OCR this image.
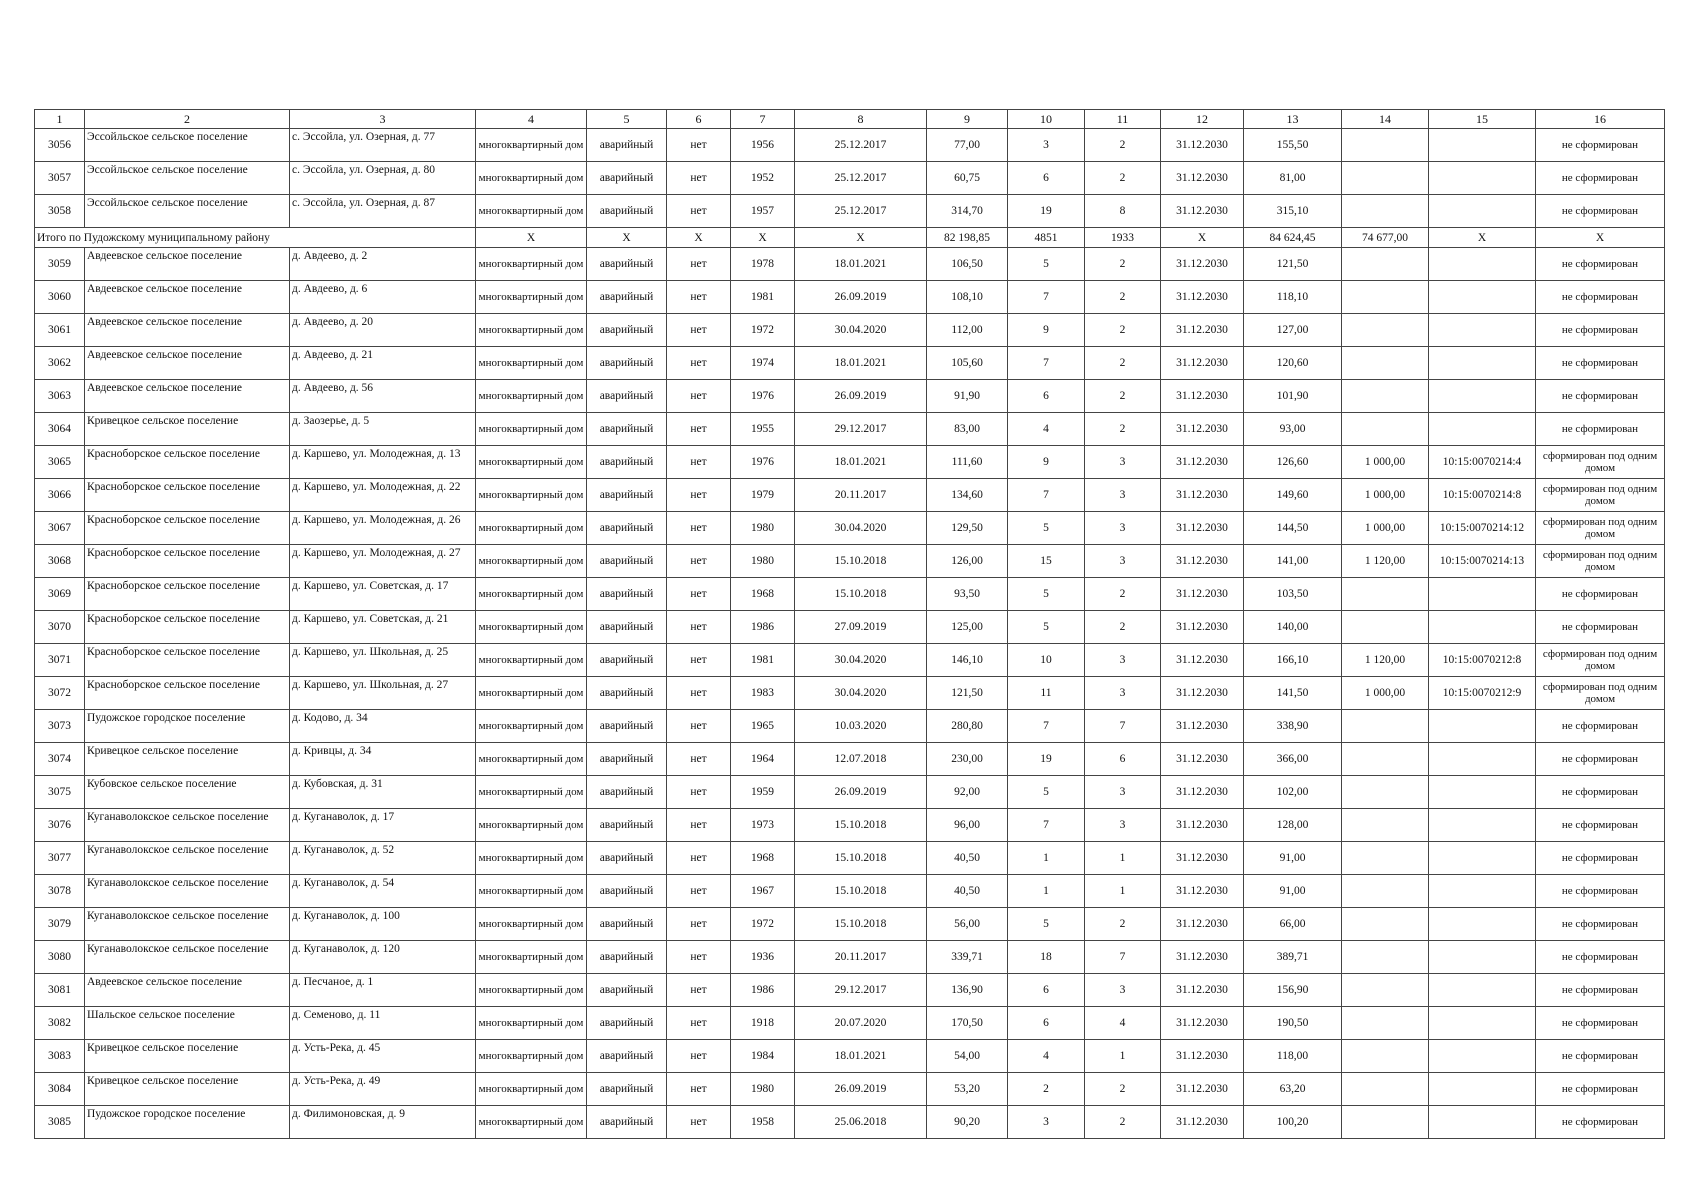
1	2	3	4	5	6	7	8	9	10	11	12	13	14	15	16
3056	Эссойльское сельское поселение	с. Эссойла, ул. Озерная, д. 77	многоквартирный дом	аварийный	нет	1956	25.12.2017	77,00	3	2	31.12.2030	155,50			не сформирован
3057	Эссойльское сельское поселение	с. Эссойла, ул. Озерная, д. 80	многоквартирный дом	аварийный	нет	1952	25.12.2017	60,75	6	2	31.12.2030	81,00			не сформирован
3058	Эссойльское сельское поселение	с. Эссойла, ул. Озерная, д. 87	многоквартирный дом	аварийный	нет	1957	25.12.2017	314,70	19	8	31.12.2030	315,10			не сформирован
Итого по Пудожскому муниципальному району			X	X	X	X	X	82 198,85	4851	1933	X	84 624,45	74 677,00	X	X
3059	Авдеевское сельское поселение	д. Авдеево, д. 2	многоквартирный дом	аварийный	нет	1978	18.01.2021	106,50	5	2	31.12.2030	121,50			не сформирован
3060	Авдеевское сельское поселение	д. Авдеево, д. 6	многоквартирный дом	аварийный	нет	1981	26.09.2019	108,10	7	2	31.12.2030	118,10			не сформирован
3061	Авдеевское сельское поселение	д. Авдеево, д. 20	многоквартирный дом	аварийный	нет	1972	30.04.2020	112,00	9	2	31.12.2030	127,00			не сформирован
3062	Авдеевское сельское поселение	д. Авдеево, д. 21	многоквартирный дом	аварийный	нет	1974	18.01.2021	105,60	7	2	31.12.2030	120,60			не сформирован
3063	Авдеевское сельское поселение	д. Авдеево, д. 56	многоквартирный дом	аварийный	нет	1976	26.09.2019	91,90	6	2	31.12.2030	101,90			не сформирован
3064	Кривецкое сельское поселение	д. Заозерье, д. 5	многоквартирный дом	аварийный	нет	1955	29.12.2017	83,00	4	2	31.12.2030	93,00			не сформирован
3065	Красноборское сельское поселение	д. Каршево, ул. Молодежная, д. 13	многоквартирный дом	аварийный	нет	1976	18.01.2021	111,60	9	3	31.12.2030	126,60	1 000,00	10:15:0070214:4	сформирован под одним домом
3066	Красноборское сельское поселение	д. Каршево, ул. Молодежная, д. 22	многоквартирный дом	аварийный	нет	1979	20.11.2017	134,60	7	3	31.12.2030	149,60	1 000,00	10:15:0070214:8	сформирован под одним домом
3067	Красноборское сельское поселение	д. Каршево, ул. Молодежная, д. 26	многоквартирный дом	аварийный	нет	1980	30.04.2020	129,50	5	3	31.12.2030	144,50	1 000,00	10:15:0070214:12	сформирован под одним домом
3068	Красноборское сельское поселение	д. Каршево, ул. Молодежная, д. 27	многоквартирный дом	аварийный	нет	1980	15.10.2018	126,00	15	3	31.12.2030	141,00	1 120,00	10:15:0070214:13	сформирован под одним домом
3069	Красноборское сельское поселение	д. Каршево, ул. Советская, д. 17	многоквартирный дом	аварийный	нет	1968	15.10.2018	93,50	5	2	31.12.2030	103,50			не сформирован
3070	Красноборское сельское поселение	д. Каршево, ул. Советская, д. 21	многоквартирный дом	аварийный	нет	1986	27.09.2019	125,00	5	2	31.12.2030	140,00			не сформирован
3071	Красноборское сельское поселение	д. Каршево, ул. Школьная, д. 25	многоквартирный дом	аварийный	нет	1981	30.04.2020	146,10	10	3	31.12.2030	166,10	1 120,00	10:15:0070212:8	сформирован под одним домом
3072	Красноборское сельское поселение	д. Каршево, ул. Школьная, д. 27	многоквартирный дом	аварийный	нет	1983	30.04.2020	121,50	11	3	31.12.2030	141,50	1 000,00	10:15:0070212:9	сформирован под одним домом
3073	Пудожское городское поселение	д. Кодово, д. 34	многоквартирный дом	аварийный	нет	1965	10.03.2020	280,80	7	7	31.12.2030	338,90			не сформирован
3074	Кривецкое сельское поселение	д. Кривцы, д. 34	многоквартирный дом	аварийный	нет	1964	12.07.2018	230,00	19	6	31.12.2030	366,00			не сформирован
3075	Кубовское сельское поселение	д. Кубовская, д. 31	многоквартирный дом	аварийный	нет	1959	26.09.2019	92,00	5	3	31.12.2030	102,00			не сформирован
3076	Куганаволокское сельское поселение	д. Куганаволок, д. 17	многоквартирный дом	аварийный	нет	1973	15.10.2018	96,00	7	3	31.12.2030	128,00			не сформирован
3077	Куганаволокское сельское поселение	д. Куганаволок, д. 52	многоквартирный дом	аварийный	нет	1968	15.10.2018	40,50	1	1	31.12.2030	91,00			не сформирован
3078	Куганаволокское сельское поселение	д. Куганаволок, д. 54	многоквартирный дом	аварийный	нет	1967	15.10.2018	40,50	1	1	31.12.2030	91,00			не сформирован
3079	Куганаволокское сельское поселение	д. Куганаволок, д. 100	многоквартирный дом	аварийный	нет	1972	15.10.2018	56,00	5	2	31.12.2030	66,00			не сформирован
3080	Куганаволокское сельское поселение	д. Куганаволок, д. 120	многоквартирный дом	аварийный	нет	1936	20.11.2017	339,71	18	7	31.12.2030	389,71			не сформирован
3081	Авдеевское сельское поселение	д. Песчаное, д. 1	многоквартирный дом	аварийный	нет	1986	29.12.2017	136,90	6	3	31.12.2030	156,90			не сформирован
3082	Шальское сельское поселение	д. Семеново, д. 11	многоквартирный дом	аварийный	нет	1918	20.07.2020	170,50	6	4	31.12.2030	190,50			не сформирован
3083	Кривецкое сельское поселение	д. Усть-Река, д. 45	многоквартирный дом	аварийный	нет	1984	18.01.2021	54,00	4	1	31.12.2030	118,00			не сформирован
3084	Кривецкое сельское поселение	д. Усть-Река, д. 49	многоквартирный дом	аварийный	нет	1980	26.09.2019	53,20	2	2	31.12.2030	63,20			не сформирован
3085	Пудожское городское поселение	д. Филимоновская, д. 9	многоквартирный дом	аварийный	нет	1958	25.06.2018	90,20	3	2	31.12.2030	100,20			не сформирован
